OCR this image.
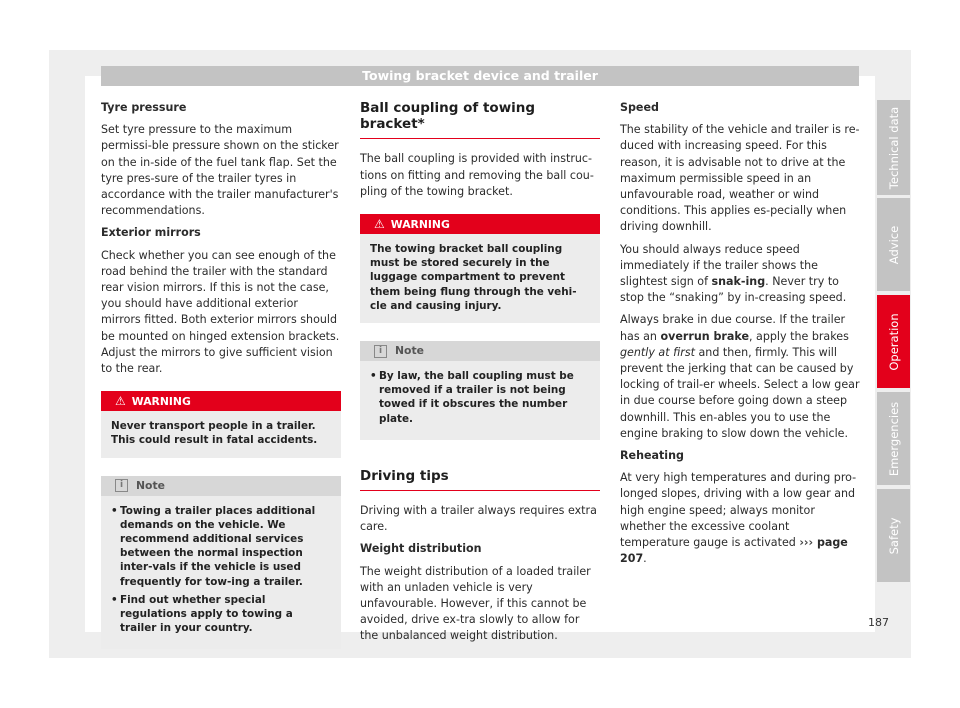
Towing bracket device and trailer

Tyre pressure

Set tyre pressure to the maximum permissi-ble pressure shown on the sticker on the in-side of the fuel tank flap. Set the tyre pres-sure of the trailer tyres in accordance with the trailer manufacturer's recommendations.

Exterior mirrors

Check whether you can see enough of the road behind the trailer with the standard rear vision mirrors. If this is not the case, you should have additional exterior mirrors fitted. Both exterior mirrors should be mounted on hinged extension brackets. Adjust the mirrors to give sufficient vision to the rear.

⚠ WARNING
Never transport people in a trailer. This could result in fatal accidents.
i Note
• Towing a trailer places additional demands on the vehicle. We recommend additional services between the normal inspection inter-vals if the vehicle is used frequently for tow-ing a trailer.
• Find out whether special regulations apply to towing a trailer in your country.
Ball coupling of towing bracket*

The ball coupling is provided with instruc-tions on fitting and removing the ball cou-pling of the towing bracket.

⚠ WARNING
The towing bracket ball coupling must be stored securely in the luggage compartment to prevent them being flung through the vehi-cle and causing injury.
i Note
• By law, the ball coupling must be removed if a trailer is not being towed if it obscures the number plate.
Driving tips

Driving with a trailer always requires extra care.

Weight distribution

The weight distribution of a loaded trailer with an unladen vehicle is very unfavourable. However, if this cannot be avoided, drive ex-tra slowly to allow for the unbalanced weight distribution.

Speed

The stability of the vehicle and trailer is re-duced with increasing speed. For this reason, it is advisable not to drive at the maximum permissible speed in an unfavourable road, weather or wind conditions. This applies es-pecially when driving downhill.

You should always reduce speed immediately if the trailer shows the slightest sign of snak-ing. Never try to stop the “snaking” by in-creasing speed.

Always brake in due course. If the trailer has an overrun brake, apply the brakes gently at first and then, firmly. This will prevent the jerking that can be caused by locking of trail-er wheels. Select a low gear in due course before going down a steep downhill. This en-ables you to use the engine braking to slow down the vehicle.

Reheating

At very high temperatures and during pro-longed slopes, driving with a low gear and high engine speed; always monitor whether the excessive coolant temperature gauge is activated ››› page 207.

Technical data
Advice
Operation
Emergencies
Safety
187
